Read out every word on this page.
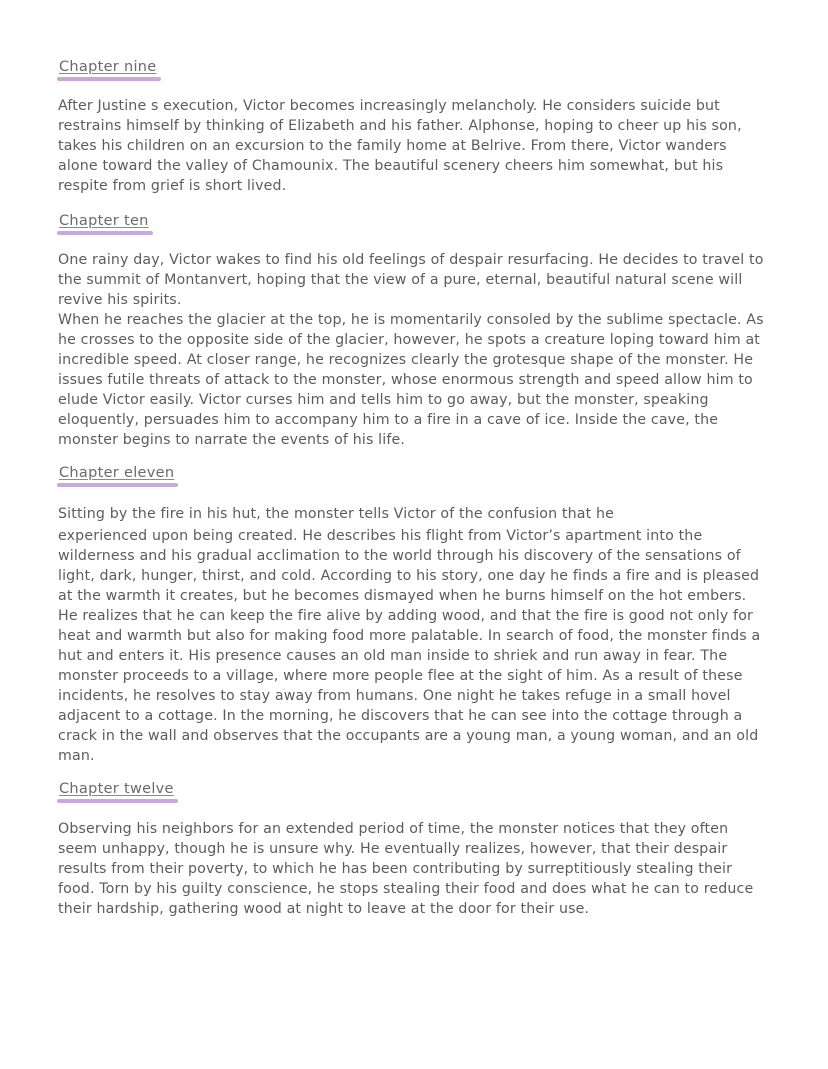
Chapter nine

After Justine s execution, Victor becomes increasingly melancholy. He considers suicide but restrains himself by thinking of Elizabeth and his father. Alphonse, hoping to cheer up his son, takes his children on an excursion to the family home at Belrive. From there, Victor wanders alone toward the valley of Chamounix. The beautiful scenery cheers him somewhat, but his respite from grief is short lived.

Chapter ten

One rainy day, Victor wakes to find his old feelings of despair resurfacing. He decides to travel to the summit of Montanvert, hoping that the view of a pure, eternal, beautiful natural scene will revive his spirits.

When he reaches the glacier at the top, he is momentarily consoled by the sublime spectacle. As he crosses to the opposite side of the glacier, however, he spots a creature loping toward him at incredible speed. At closer range, he recognizes clearly the grotesque shape of the monster. He issues futile threats of attack to the monster, whose enormous strength and speed allow him to elude Victor easily. Victor curses him and tells him to go away, but the monster, speaking eloquently, persuades him to accompany him to a fire in a cave of ice. Inside the cave, the monster begins to narrate the events of his life.

Chapter eleven

Sitting by the fire in his hut, the monster tells Victor of the confusion that he

experienced upon being created. He describes his flight from Victor’s apartment into the wilderness and his gradual acclimation to the world through his discovery of the sensations of light, dark, hunger, thirst, and cold. According to his story, one day he finds a fire and is pleased at the warmth it creates, but he becomes dismayed when he burns himself on the hot embers. He realizes that he can keep the fire alive by adding wood, and that the fire is good not only for heat and warmth but also for making food more palatable. In search of food, the monster finds a hut and enters it. His presence causes an old man inside to shriek and run away in fear. The monster proceeds to a village, where more people flee at the sight of him. As a result of these incidents, he resolves to stay away from humans. One night he takes refuge in a small hovel adjacent to a cottage. In the morning, he discovers that he can see into the cottage through a crack in the wall and observes that the occupants are a young man, a young woman, and an old man.

Chapter twelve

Observing his neighbors for an extended period of time, the monster notices that they often seem unhappy, though he is unsure why. He eventually realizes, however, that their despair results from their poverty, to which he has been contributing by surreptitiously stealing their food. Torn by his guilty conscience, he stops stealing their food and does what he can to reduce their hardship, gathering wood at night to leave at the door for their use.
